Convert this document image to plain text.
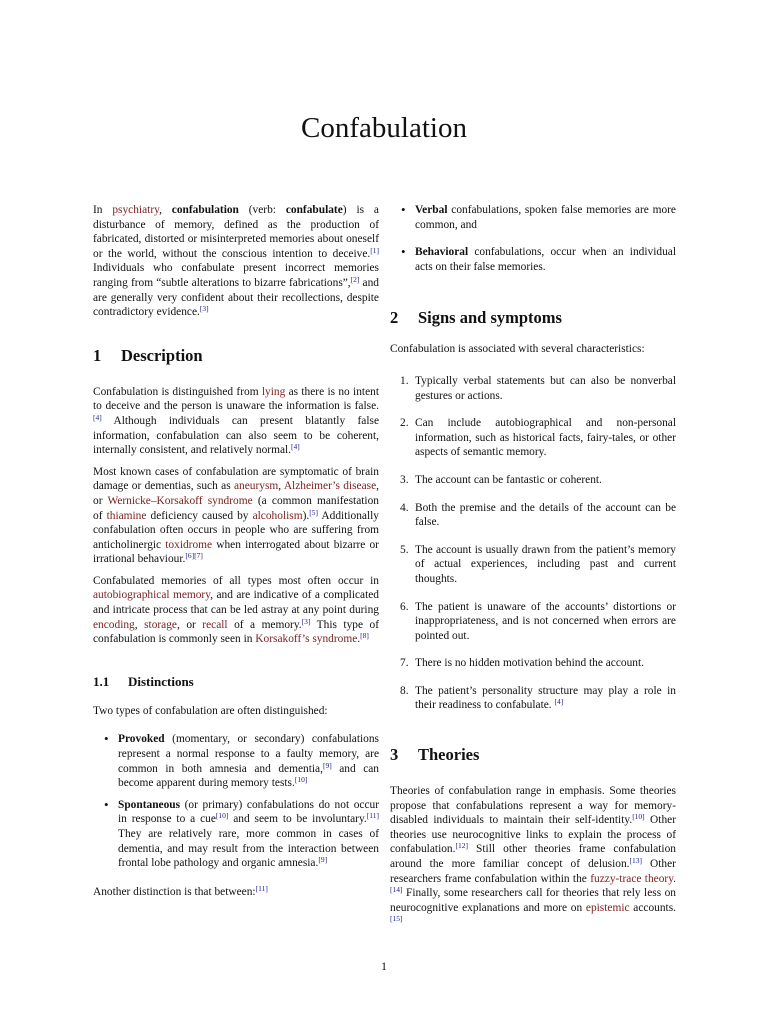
Confabulation

In psychiatry, confabulation (verb: confabulate) is a disturbance of memory, defined as the production of fabricated, distorted or misinterpreted memories about oneself or the world, without the conscious intention to deceive.[1] Individuals who confabulate present incorrect memories ranging from “subtle alterations to bizarre fabrications”,[2] and are generally very confident about their recollections, despite contradictory evidence.[3]

1 Description

Confabulation is distinguished from lying as there is no intent to deceive and the person is unaware the information is false.[4] Although individuals can present blatantly false information, confabulation can also seem to be coherent, internally consistent, and relatively normal.[4]

Most known cases of confabulation are symptomatic of brain damage or dementias, such as aneurysm, Alzheimer’s disease, or Wernicke–Korsakoff syndrome (a common manifestation of thiamine deficiency caused by alcoholism).[5] Additionally confabulation often occurs in people who are suffering from anticholinergic toxidrome when interrogated about bizarre or irrational behaviour.[6][7]

Confabulated memories of all types most often occur in autobiographical memory, and are indicative of a complicated and intricate process that can be led astray at any point during encoding, storage, or recall of a memory.[3] This type of confabulation is commonly seen in Korsakoff’s syndrome.[8]

1.1 Distinctions

Two types of confabulation are often distinguished:

• Provoked (momentary, or secondary) confabulations represent a normal response to a faulty memory, are common in both amnesia and dementia,[9] and can become apparent during memory tests.[10]
• Spontaneous (or primary) confabulations do not occur in response to a cue[10] and seem to be involuntary.[11] They are relatively rare, more common in cases of dementia, and may result from the interaction between frontal lobe pathology and organic amnesia.[9]

Another distinction is that between:[11]

• Verbal confabulations, spoken false memories are more common, and
• Behavioral confabulations, occur when an individual acts on their false memories.
2 Signs and symptoms

Confabulation is associated with several characteristics:

1. Typically verbal statements but can also be nonverbal gestures or actions.
2. Can include autobiographical and non-personal information, such as historical facts, fairy-tales, or other aspects of semantic memory.
3. The account can be fantastic or coherent.
4. Both the premise and the details of the account can be false.
5. The account is usually drawn from the patient’s memory of actual experiences, including past and current thoughts.
6. The patient is unaware of the accounts’ distortions or inappropriateness, and is not concerned when errors are pointed out.
7. There is no hidden motivation behind the account.
8. The patient’s personality structure may play a role in their readiness to confabulate. [4]
3 Theories

Theories of confabulation range in emphasis. Some theories propose that confabulations represent a way for memory-disabled individuals to maintain their self-identity.[10] Other theories use neurocognitive links to explain the process of confabulation.[12] Still other theories frame confabulation around the more familiar concept of delusion.[13] Other researchers frame confabulation within the fuzzy-trace theory.[14] Finally, some researchers call for theories that rely less on neurocognitive explanations and more on epistemic accounts.[15]

1
